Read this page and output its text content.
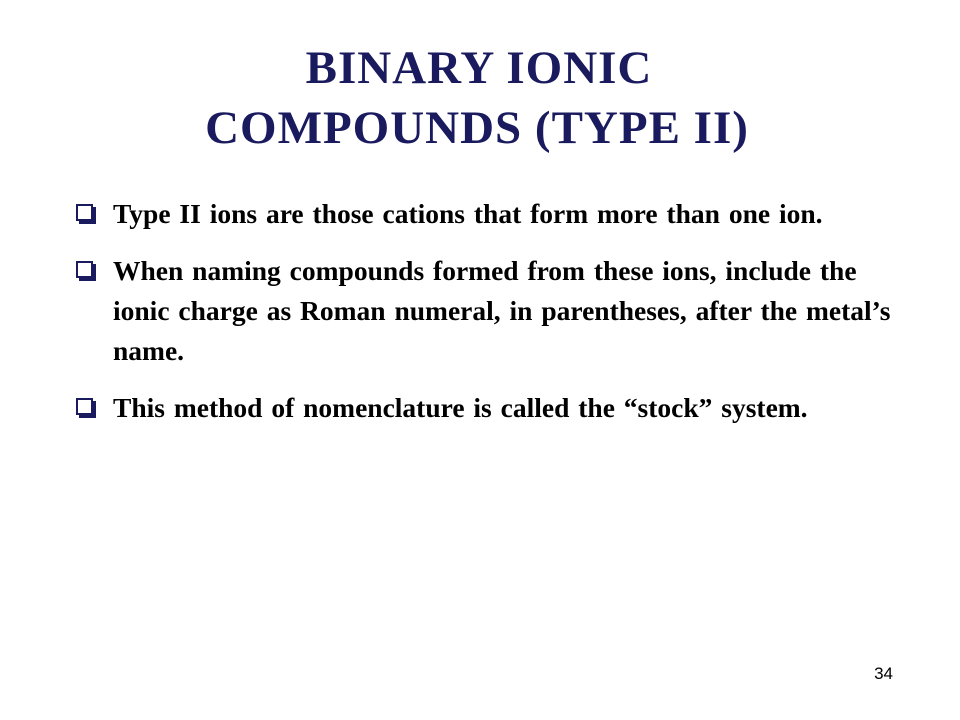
BINARY IONIC
COMPOUNDS (TYPE II)
Type II ions are those cations that form more than one ion.
When naming compounds formed from these ions, include the ionic charge as Roman numeral, in parentheses, after the metal’s name.
This method of nomenclature is called the “stock” system.
34
